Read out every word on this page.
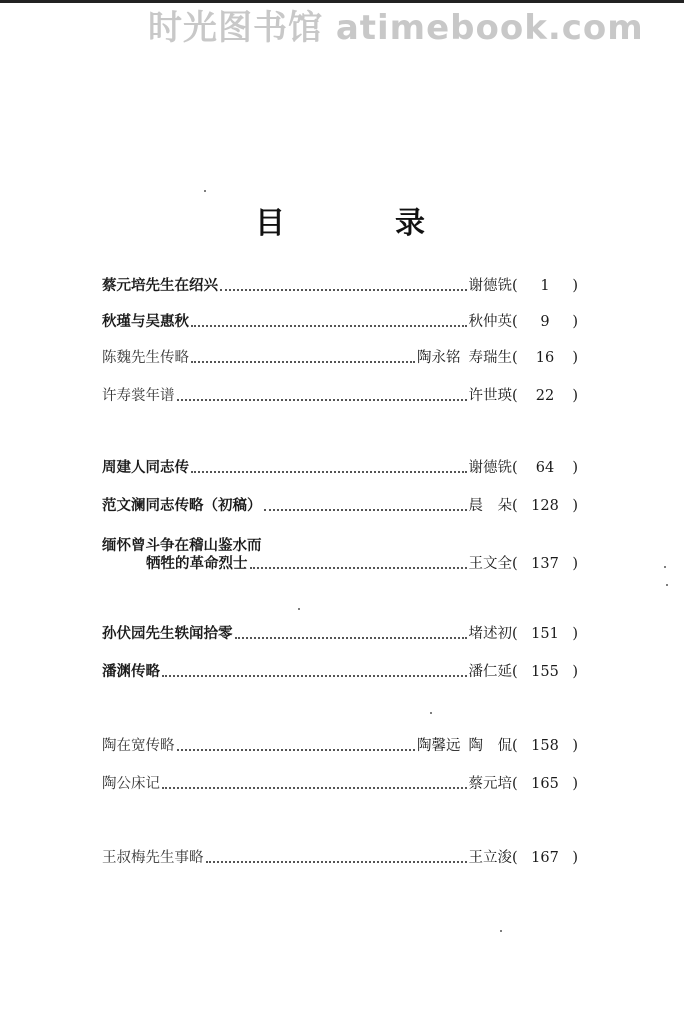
时光图书馆 atimebook.com
目	录
蔡元培先生在绍兴	谢德铣 (	1	)
秋瑾与吴惠秋	秋仲英 (	9	)
陈魏先生传略	陶永铭 寿瑞生 (	16	)
许寿裳年谱	许世瑛 (	22	)
周建人同志传	谢德铣 (	64	)
范文澜同志传略（初稿）	晨　朵 ( 128 )
缅怀曾斗争在稽山鉴水而
牺牲的革命烈士	王文全 ( 137 )
孙伏园先生轶闻拾零	堵述初 ( 151 )
潘渊传略	潘仁延 ( 155 )
陶在宽传略	陶馨远 陶　侃 ( 158 )
陶公床记	蔡元培 ( 165 )
王叔梅先生事略	王立浚 ( 167 )
